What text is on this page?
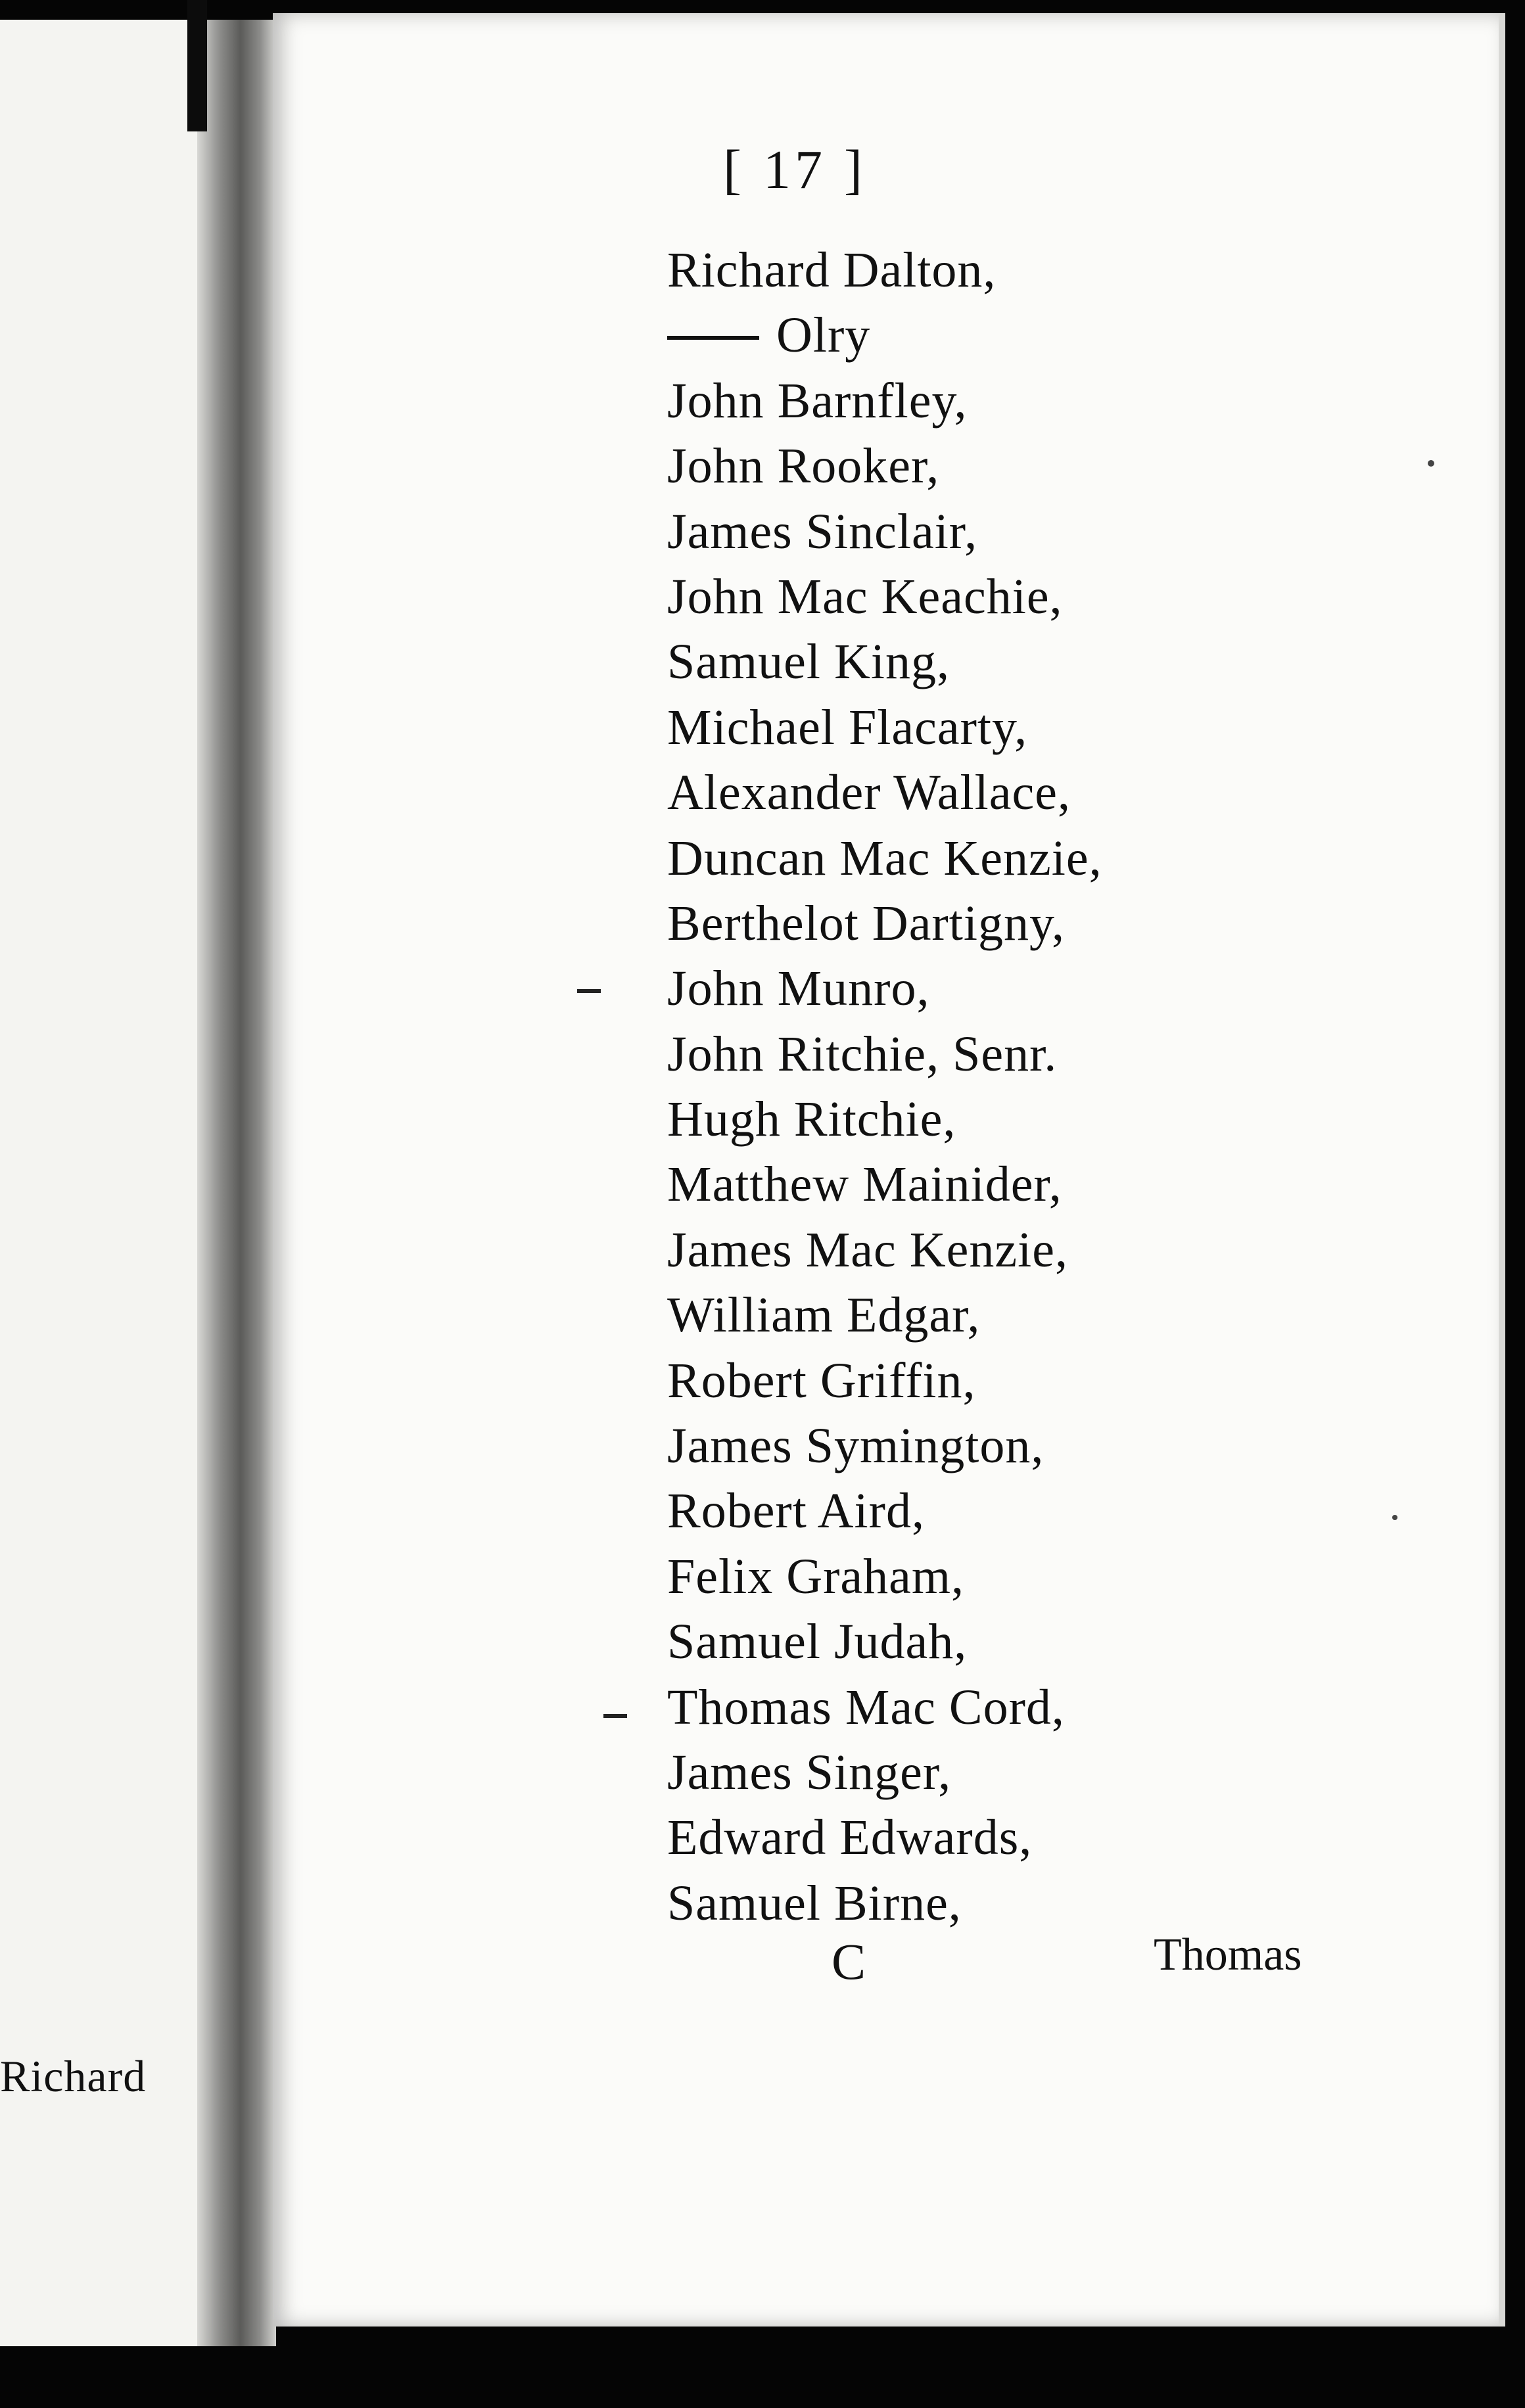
Richard
[ 17 ]
Richard Dalton,
Olry
John Barnfley,
John Rooker,
James Sinclair,
John Mac Keachie,
Samuel King,
Michael Flacarty,
Alexander Wallace,
Duncan Mac Kenzie,
Berthelot Dartigny,
John Munro,
John Ritchie, Senr.
Hugh Ritchie,
Matthew Mainider,
James Mac Kenzie,
William Edgar,
Robert Griffin,
James Symington,
Robert Aird,
Felix Graham,
Samuel Judah,
Thomas Mac Cord,
James Singer,
Edward Edwards,
Samuel Birne,
C	Thomas
